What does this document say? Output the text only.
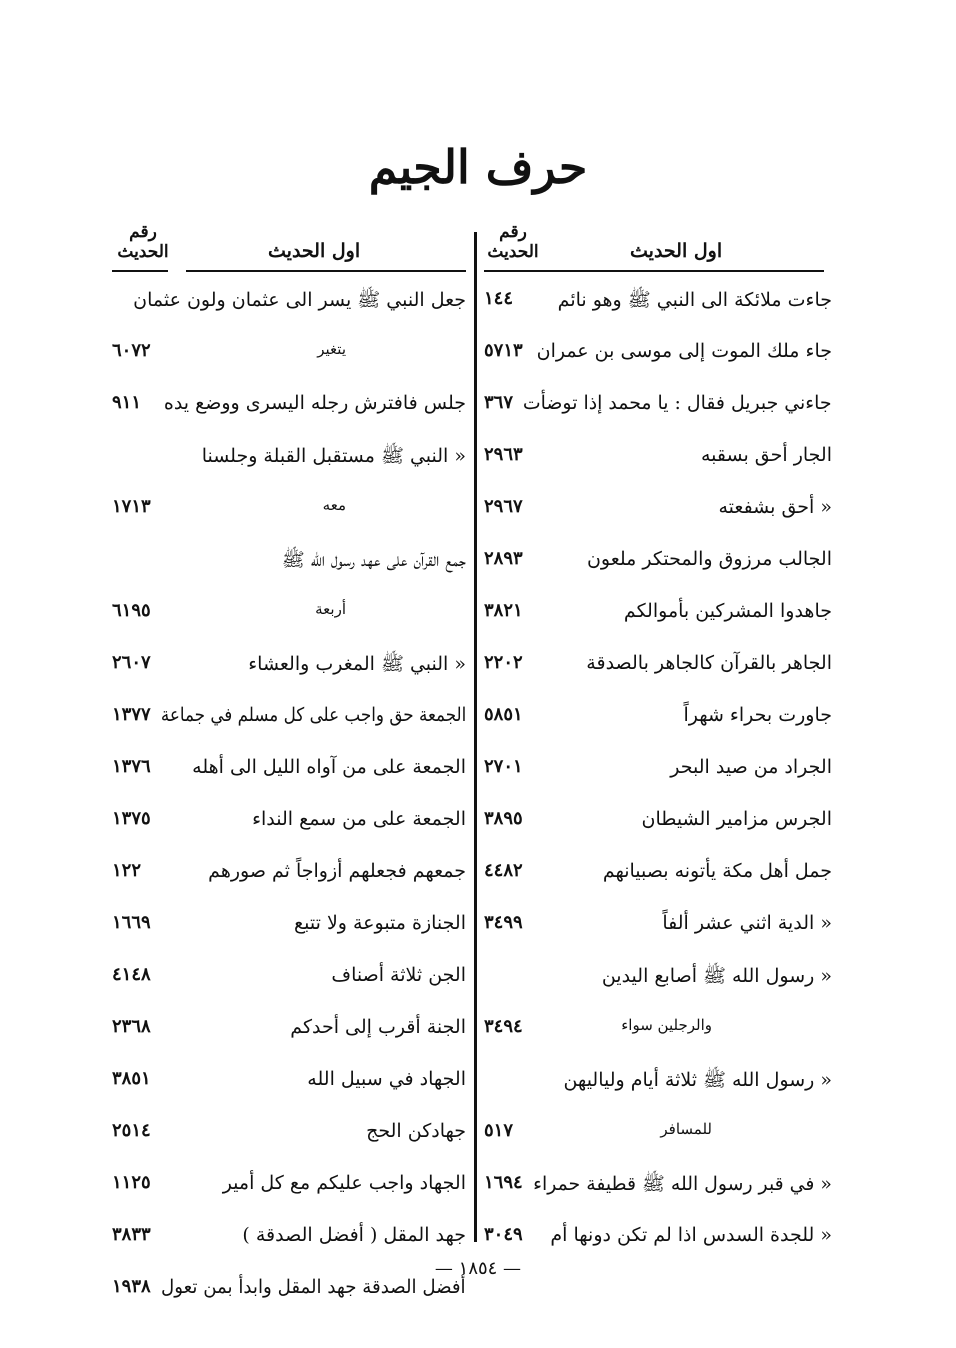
حرف الجيم
رقم
الحديث	اول الحديث
رقم
الحديث	اول الحديث
جاءت ملائكة الى النبي ﷺ وهو نائم
١٤٤
جاء ملك الموت إلى موسى بن عمران
٥٧١٣
جاءني جبريل فقال : يا محمد إذا توضأت
٣٦٧
الجار أحق بسقبه
٢٩٦٣
« أحق بشفعته
٢٩٦٧
الجالب مرزوق والمحتكر ملعون
٢٨٩٣
جاهدوا المشركين بأموالكم
٣٨٢١
الجاهر بالقرآن كالجاهر بالصدقة
٢٢٠٢
جاورت بحراء شهراً
٥٨٥١
الجراد من صيد البحر
٢٧٠١
الجرس مزامير الشيطان
٣٨٩٥
جمل أهل مكة يأتونه بصبيانهم
٤٤٨٢
« الدية اثني عشر ألفاً
٣٤٩٩
« رسول الله ﷺ أصابع اليدين
والرجلين سواء
٣٤٩٤
« رسول الله ﷺ ثلاثة أيام ولياليهن
للمسافر
٥١٧
« في قبر رسول الله ﷺ قطيفة حمراء
١٦٩٤
« للجدة السدس اذا لم تكن دونها أم
٣٠٤٩
جعل النبي ﷺ يسر الى عثمان ولون عثمان
يتغير
٦٠٧٢
جلس فافترش رجله اليسرى ووضع يده
٩١١
« النبي ﷺ مستقبل القبلة وجلسنا
معه
١٧١٣
جمع القرآن على عهد رسول الله ﷺ
أربعة
٦١٩٥
« النبي ﷺ المغرب والعشاء
٢٦٠٧
الجمعة حق واجب على كل مسلم في جماعة
١٣٧٧
الجمعة على من آواه الليل الى أهله
١٣٧٦
الجمعة على من سمع النداء
١٣٧٥
جمعهم فجعلهم أزواجاً ثم صورهم
١٢٢
الجنازة متبوعة ولا تتبع
١٦٦٩
الجن ثلاثة أصناف
٤١٤٨
الجنة أقرب إلى أحدكم
٢٣٦٨
الجهاد في سبيل الله
٣٨٥١
جهادكن الحج
٢٥١٤
الجهاد واجب عليكم مع كل أمير
١١٢٥
جهد المقل ( أفضل الصدقة )
٣٨٣٣
أفضل الصدقة جهد المقل وابدأ بمن تعول
١٩٣٨
— ١٨٥٤ —
